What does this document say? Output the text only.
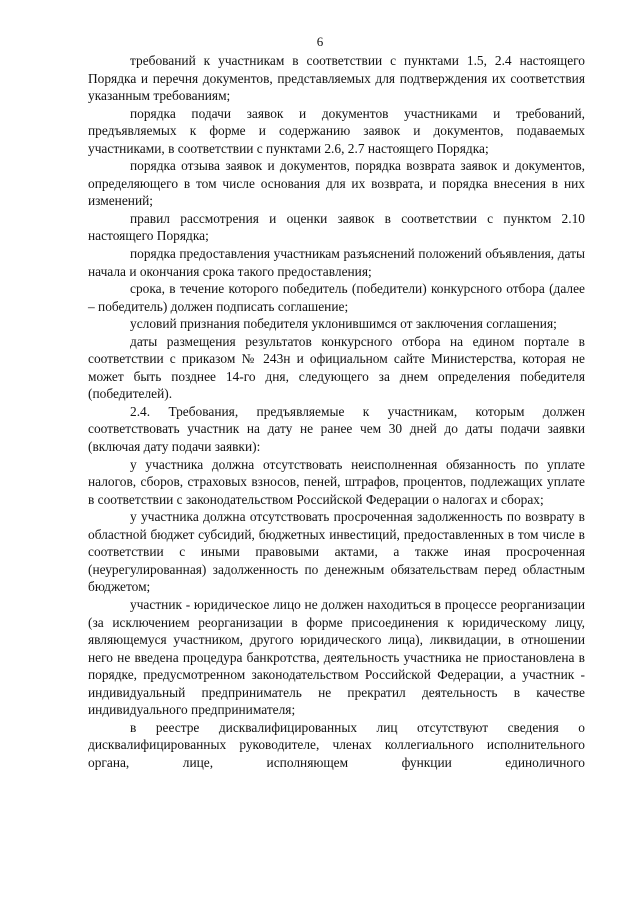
6

требований к участникам в соответствии с пунктами 1.5, 2.4 настоящего Порядка и перечня документов, представляемых для подтверждения их соответствия указанным требованиям;

порядка подачи заявок и документов участниками и требований, предъявляемых к форме и содержанию заявок и документов, подаваемых участниками, в соответствии с пунктами 2.6, 2.7 настоящего Порядка;

порядка отзыва заявок и документов, порядка возврата заявок и документов, определяющего в том числе основания для их возврата, и порядка внесения в них изменений;

правил рассмотрения и оценки заявок в соответствии с пунктом 2.10 настоящего Порядка;

порядка предоставления участникам разъяснений положений объявления, даты начала и окончания срока такого предоставления;

срока, в течение которого победитель (победители) конкурсного отбора (далее – победитель) должен подписать соглашение;

условий признания победителя уклонившимся от заключения соглашения;

даты размещения результатов конкурсного отбора на едином портале в соответствии с приказом № 243н и официальном сайте Министерства, которая не может быть позднее 14-го дня, следующего за днем определения победителя (победителей).

2.4. Требования, предъявляемые к участникам, которым должен соответствовать участник на дату не ранее чем 30 дней до даты подачи заявки (включая дату подачи заявки):

у участника должна отсутствовать неисполненная обязанность по уплате налогов, сборов, страховых взносов, пеней, штрафов, процентов, подлежащих уплате в соответствии с законодательством Российской Федерации о налогах и сборах;

у участника должна отсутствовать просроченная задолженность по возврату в областной бюджет субсидий, бюджетных инвестиций, предоставленных в том числе в соответствии с иными правовыми актами, а также иная просроченная (неурегулированная) задолженность по денежным обязательствам перед областным бюджетом;

участник - юридическое лицо не должен находиться в процессе реорганизации (за исключением реорганизации в форме присоединения к юридическому лицу, являющемуся участником, другого юридического лица), ликвидации, в отношении него не введена процедура банкротства, деятельность участника не приостановлена в порядке, предусмотренном законодательством Российской Федерации, а участник - индивидуальный предприниматель не прекратил деятельность в качестве индивидуального предпринимателя;

в реестре дисквалифицированных лиц отсутствуют сведения о дисквалифицированных руководителе, членах коллегиального исполнительного органа, лице, исполняющем функции единоличного
